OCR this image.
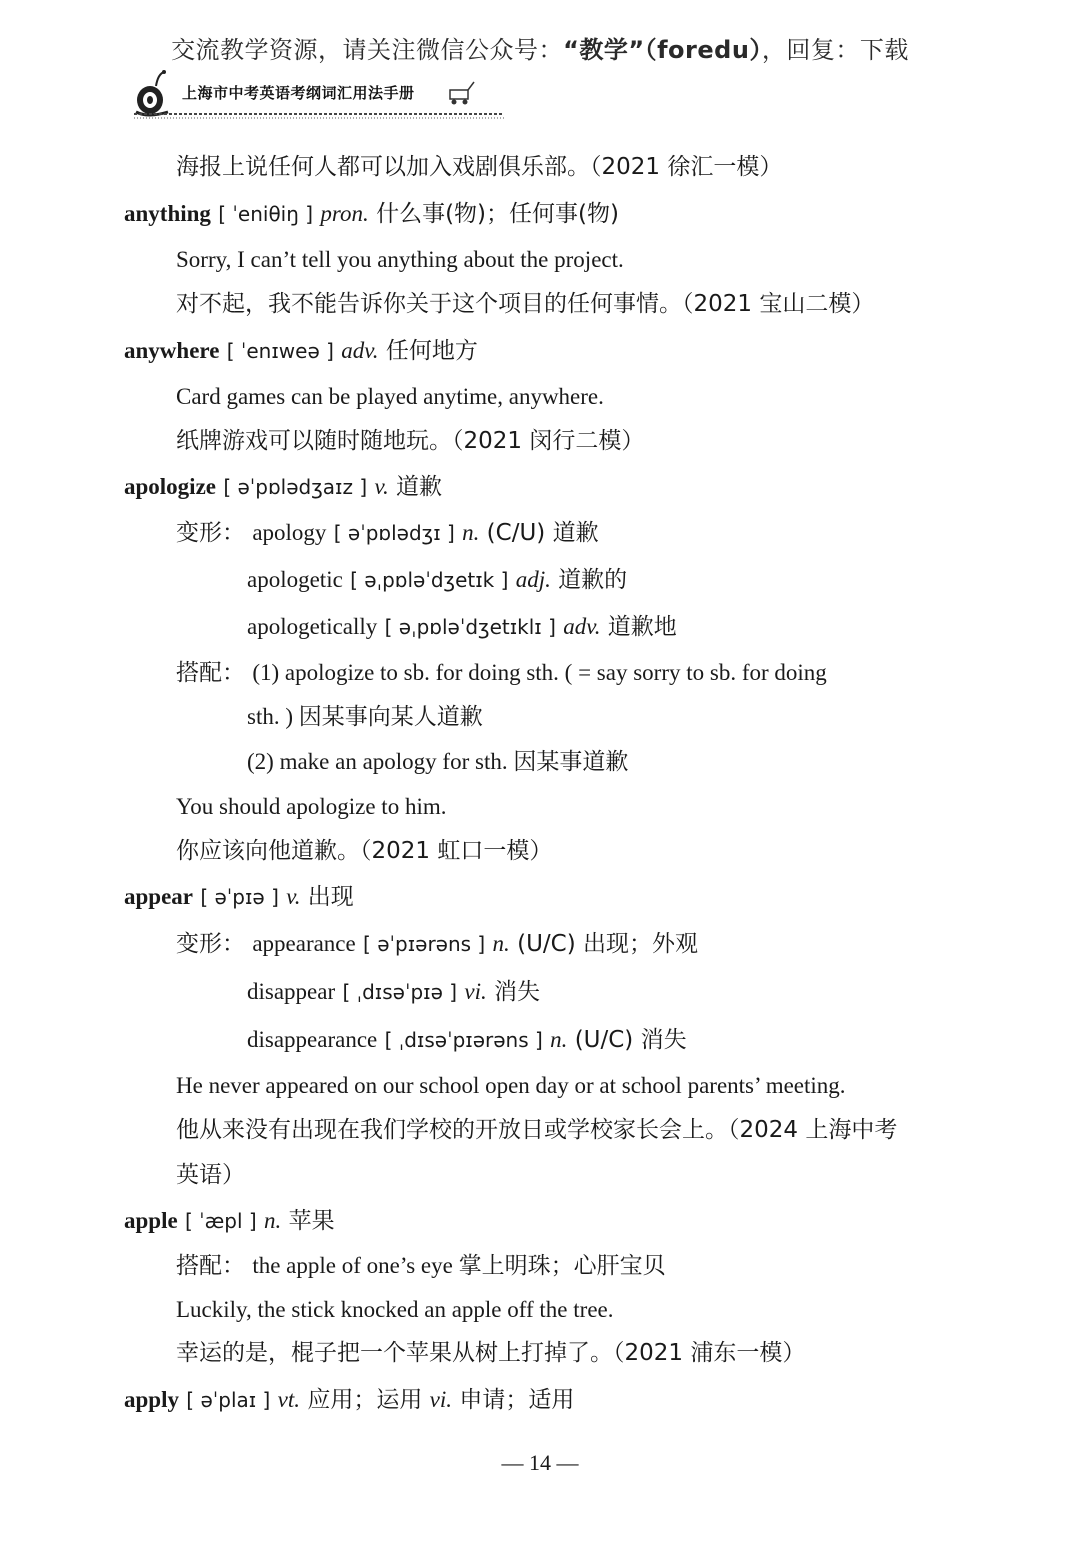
交流教学资源，请关注微信公众号：“教学”（foredu），回复：下载
上海市中考英语考纲词汇用法手册
海报上说任何人都可以加入戏剧俱乐部。（2021 徐汇一模）
anything [ ˈeniθiŋ ] pron. 什么事(物)；任何事(物)
Sorry, I can’t tell you anything about the project.
对不起，我不能告诉你关于这个项目的任何事情。（2021 宝山二模）
anywhere [ ˈenɪweə ] adv. 任何地方
Card games can be played anytime, anywhere.
纸牌游戏可以随时随地玩。（2021 闵行二模）
apologize [ əˈpɒlədʒaɪz ] v. 道歉
变形： apology [ əˈpɒlədʒɪ ] n. (C/U) 道歉
apologetic [ əˌpɒləˈdʒetɪk ] adj. 道歉的
apologetically [ əˌpɒləˈdʒetɪklɪ ] adv. 道歉地
搭配： (1) apologize to sb. for doing sth. ( = say sorry to sb. for doing
sth. ) 因某事向某人道歉
(2) make an apology for sth. 因某事道歉
You should apologize to him.
你应该向他道歉。（2021 虹口一模）
appear [ əˈpɪə ] v. 出现
变形： appearance [ əˈpɪərəns ] n. (U/C) 出现；外观
disappear [ ˌdɪsəˈpɪə ] vi. 消失
disappearance [ ˌdɪsəˈpɪərəns ] n. (U/C) 消失
He never appeared on our school open day or at school parents’ meeting.
他从来没有出现在我们学校的开放日或学校家长会上。（2024 上海中考
英语）
apple [ ˈæpl ] n. 苹果
搭配： the apple of one’s eye 掌上明珠；心肝宝贝
Luckily, the stick knocked an apple off the tree.
幸运的是，棍子把一个苹果从树上打掉了。（2021 浦东一模）
apply [ əˈplaɪ ] vt. 应用；运用 vi. 申请；适用
— 14 —
